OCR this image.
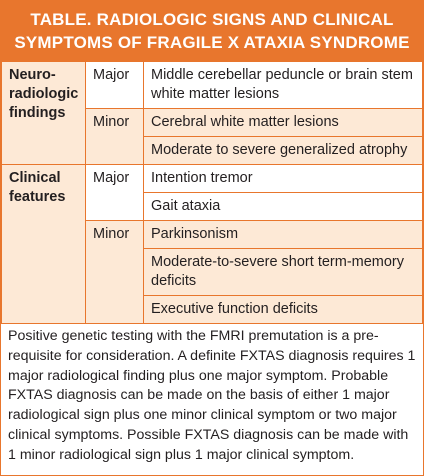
TABLE. RADIOLOGIC SIGNS AND CLINICAL
SYMPTOMS OF FRAGILE X ATAXIA SYNDROME
Neuro-
radiologic
findings	Major	Middle cerebellar peduncle or brain stem white matter lesions
	Minor	Cerebral white matter lesions
		Moderate to severe generalized atrophy

Clinical
features	Major	Intention tremor
		Gait ataxia
	Minor	Parkinsonism
		Moderate-to-severe short term-memory deficits
		Executive function deficits
Positive genetic testing with the FMRI premutation is a pre-requisite for consideration. A definite FXTAS diagnosis requires 1 major radiological finding plus one major symptom. Probable FXTAS diagnosis can be made on the basis of either 1 major radiological sign plus one minor clinical symptom or two major clinical symptoms. Possible FXTAS diagnosis can be made with 1 minor radiological sign plus 1 major clinical symptom.
